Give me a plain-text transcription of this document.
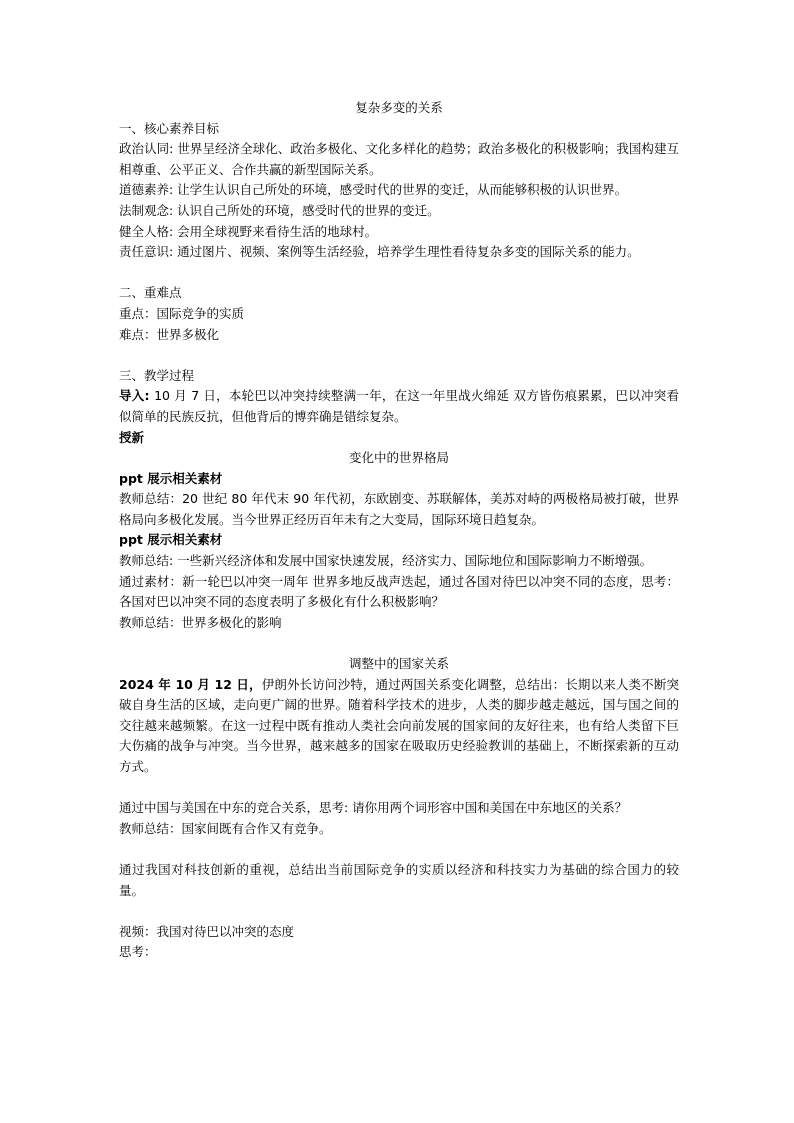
复杂多变的关系
一、核心素养目标
政治认同: 世界呈经济全球化、政治多极化、文化多样化的趋势；政治多极化的积极影响；我国构建互相尊重、公平正义、合作共赢的新型国际关系。
道德素养: 让学生认识自己所处的环境，感受时代的世界的变迁，从而能够积极的认识世界。
法制观念: 认识自己所处的环境，感受时代的世界的变迁。
健全人格: 会用全球视野来看待生活的地球村。
责任意识: 通过图片、视频、案例等生活经验，培养学生理性看待复杂多变的国际关系的能力。
二、重难点
重点：国际竞争的实质
难点：世界多极化
三、教学过程
导入: 10 月 7 日，本轮巴以冲突持续整满一年，在这一年里战火绵延 双方皆伤痕累累，巴以冲突看似简单的民族反抗，但他背后的博弈确是错综复杂。
授新
变化中的世界格局
ppt 展示相关素材
教师总结：20 世纪 80 年代末 90 年代初，东欧剧变、苏联解体，美苏对峙的两极格局被打破，世界格局向多极化发展。当今世界正经历百年未有之大变局，国际环境日趋复杂。
ppt 展示相关素材
教师总结: 一些新兴经济体和发展中国家快速发展，经济实力、国际地位和国际影响力不断增强。
通过素材：新一轮巴以冲突一周年 世界多地反战声迭起，通过各国对待巴以冲突不同的态度，思考：各国对巴以冲突不同的态度表明了多极化有什么积极影响？
教师总结：世界多极化的影响
调整中的国家关系
2024 年 10 月 12 日，伊朗外长访问沙特，通过两国关系变化调整，总结出：长期以来人类不断突破自身生活的区域，走向更广阔的世界。随着科学技术的进步，人类的脚步越走越远，国与国之间的交往越来越频繁。在这一过程中既有推动人类社会向前发展的国家间的友好往来，也有给人类留下巨大伤痛的战争与冲突。当今世界，越来越多的国家在吸取历史经验教训的基础上，不断探索新的互动方式。
通过中国与美国在中东的竞合关系，思考: 请你用两个词形容中国和美国在中东地区的关系？
教师总结：国家间既有合作又有竞争。
通过我国对科技创新的重视，总结出当前国际竞争的实质以经济和科技实力为基础的综合国力的较量。
视频：我国对待巴以冲突的态度
思考：
